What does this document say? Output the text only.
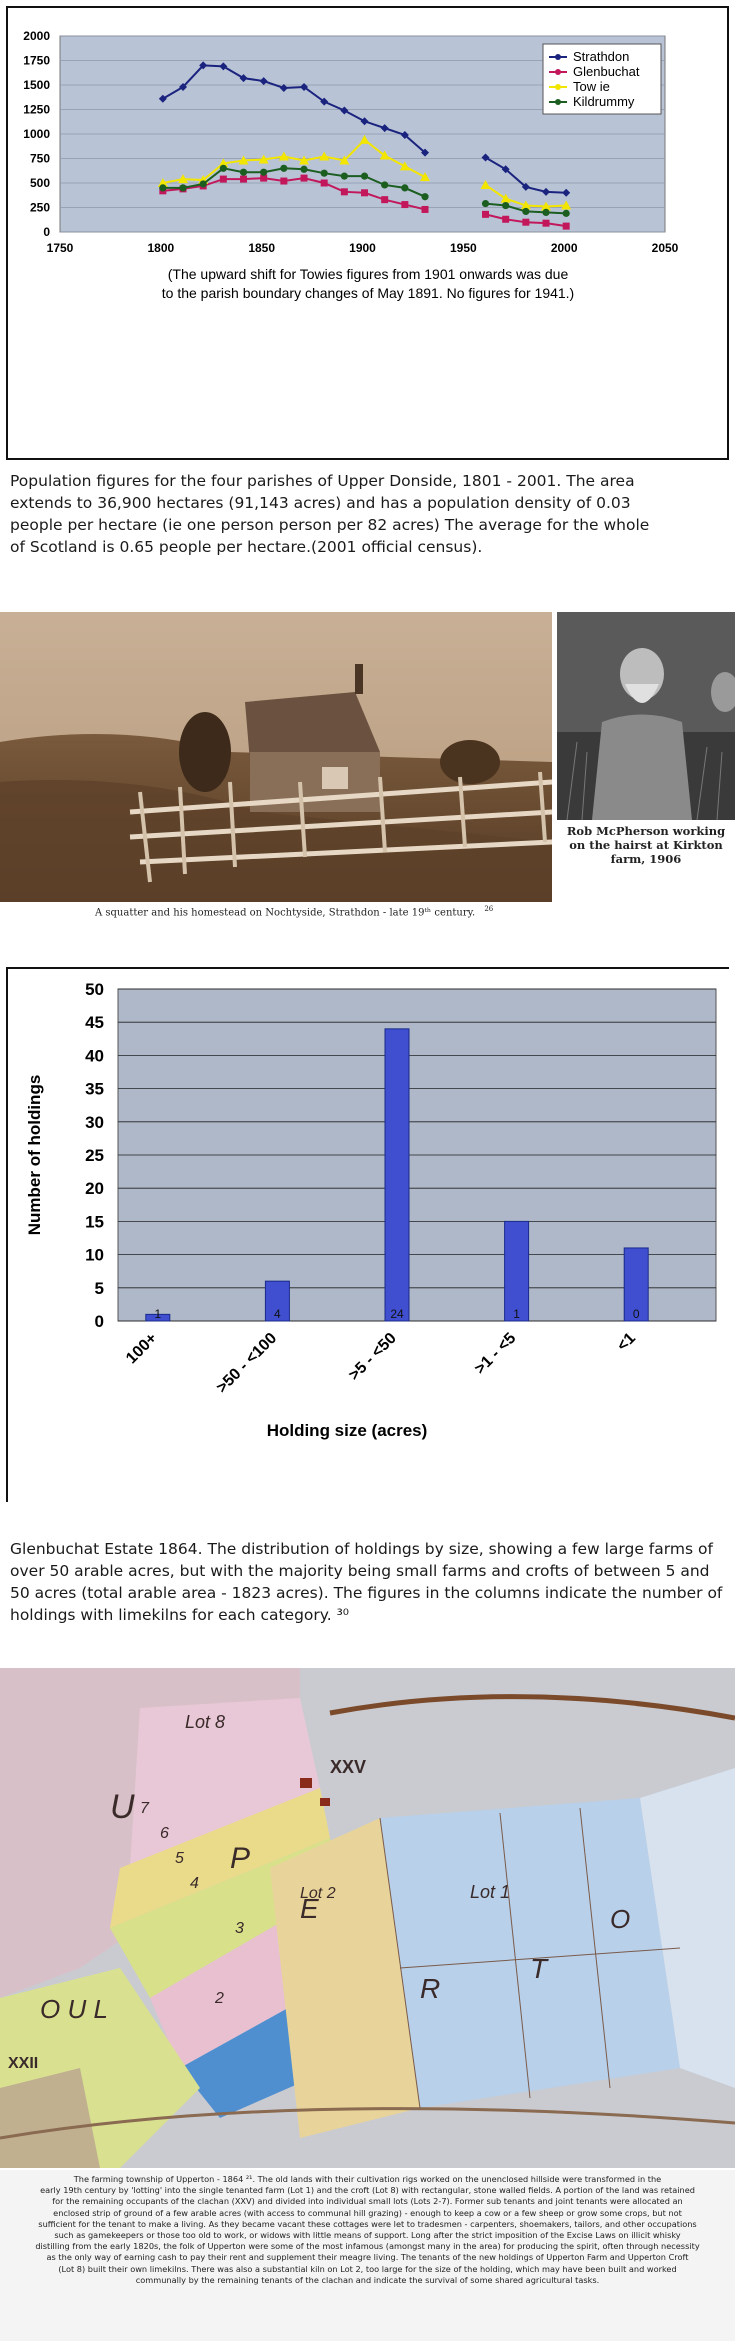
0
250
500
750
1000
1250
1500
1750
2000
1750	1800	1850	1900	1950	2000	2050
Strathdon
Glenbuchat
Tow ie
Kildrummy
(The upward shift for Towies figures from 1901 onwards was due
to the parish boundary changes of May 1891. No figures for 1941.)
Population figures for the four parishes of Upper Donside, 1801 - 2001. The area
extends to 36,900 hectares (91,143 acres) and has a population density of 0.03
people per hectare (ie one person person per 82 acres) The average for the whole
of Scotland is 0.65 people per hectare.(2001 official census).
A squatter and his homestead on Nochtyside, Strathdon - late 19ᵗʰ century. $^{26}$
Rob McPherson working
on the hairst at Kirkton
farm, 1906
0
5
10
15
20
25
30
35
40
45
50
1
100+
4
>50 - <100
24
>5 - <50
1
>1 - <5
0
<1
Holding size (acres)
Number of holdings
Glenbuchat Estate 1864. The distribution of holdings by size, showing a few large farms of
over 50 arable acres, but with the majority being small farms and crofts of between 5 and
50 acres (total arable area - 1823 acres). The figures in the columns indicate the number of
holdings with limekilns for each category. ³⁰
Lot 8
U
P
E
R
T
O
XXV
Lot 2	Lot 1
XXII
O U L	2
3
4
5
6
7
The farming township of Upperton - 1864 ²¹. The old lands with their cultivation rigs worked on the unenclosed hillside were transformed in the
early 19th century by 'lotting' into the single tenanted farm (Lot 1) and the croft (Lot 8) with rectangular, stone walled fields. A portion of the land was retained
for the remaining occupants of the clachan (XXV) and divided into individual small lots (Lots 2-7). Former sub tenants and joint tenants were allocated an
enclosed strip of ground of a few arable acres (with access to communal hill grazing) - enough to keep a cow or a few sheep or grow some crops, but not
sufficient for the tenant to make a living. As they became vacant these cottages were let to tradesmen - carpenters, shoemakers, tailors, and other occupations
such as gamekeepers or those too old to work, or widows with little means of support. Long after the strict imposition of the Excise Laws on illicit whisky
distilling from the early 1820s, the folk of Upperton were some of the most infamous (amongst many in the area) for producing the spirit, often through necessity
as the only way of earning cash to pay their rent and supplement their meagre living. The tenants of the new holdings of Upperton Farm and Upperton Croft
(Lot 8) built their own limekilns. There was also a substantial kiln on Lot 2, too large for the size of the holding, which may have been built and worked
communally by the remaining tenants of the clachan and indicate the survival of some shared agricultural tasks.
